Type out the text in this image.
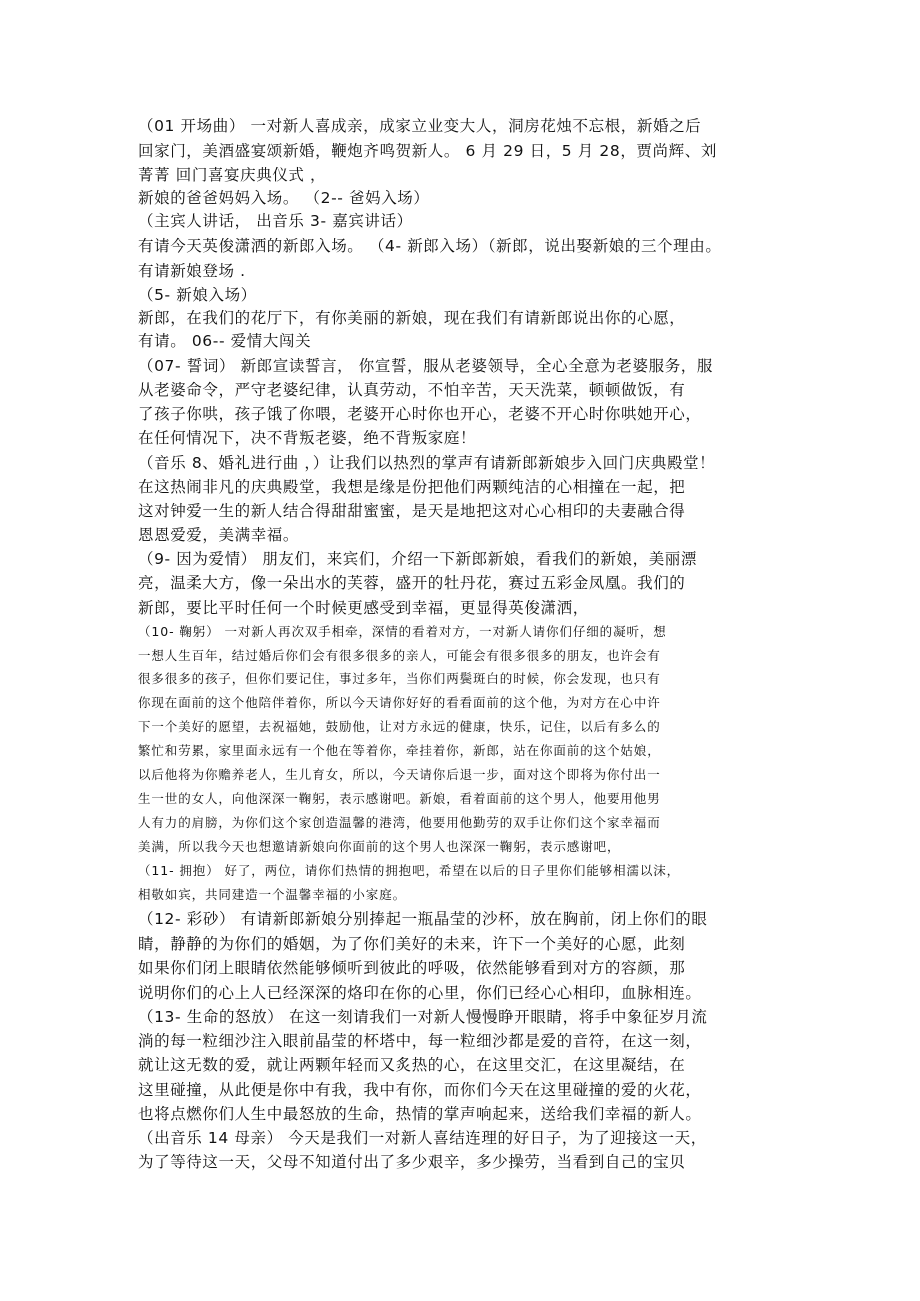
（01 开场曲） 一对新人喜成亲，成家立业变大人，洞房花烛不忘根，新婚之后
回家门，美酒盛宴颂新婚，鞭炮齐鸣贺新人。 6 月 29 日，5 月 28，贾尚辉、刘
菁菁 回门喜宴庆典仪式 ，
新娘的爸爸妈妈入场。 （2-- 爸妈入场）
（主宾人讲话， 出音乐 3- 嘉宾讲话）
有请今天英俊潇洒的新郎入场。 （4- 新郎入场）（新郎，说出娶新娘的三个理由。
有请新娘登场 .
（5- 新娘入场）
新郎，在我们的花厅下，有你美丽的新娘，现在我们有请新郎说出你的心愿，
有请。 06-- 爱情大闯关
（07- 誓词） 新郎宣读誓言， 你宣誓，服从老婆领导，全心全意为老婆服务，服
从老婆命令，严守老婆纪律，认真劳动，不怕辛苦，天天洗菜，顿顿做饭，有
了孩子你哄，孩子饿了你喂，老婆开心时你也开心，老婆不开心时你哄她开心，
在任何情况下，决不背叛老婆，绝不背叛家庭！
（音乐 8、婚礼进行曲 ，）让我们以热烈的掌声有请新郎新娘步入回门庆典殿堂！
在这热闹非凡的庆典殿堂，我想是缘是份把他们两颗纯洁的心相撞在一起，把
这对钟爱一生的新人结合得甜甜蜜蜜，是天是地把这对心心相印的夫妻融合得
恩恩爱爱，美满幸福。
（9- 因为爱情） 朋友们，来宾们，介绍一下新郎新娘，看我们的新娘，美丽漂
亮，温柔大方，像一朵出水的芙蓉，盛开的牡丹花，赛过五彩金凤凰。我们的
新郎，要比平时任何一个时候更感受到幸福，更显得英俊潇洒，
（10- 鞠躬） 一对新人再次双手相牵，深情的看着对方，一对新人请你们仔细的凝听，想
一想人生百年，结过婚后你们会有很多很多的亲人，可能会有很多很多的朋友，也许会有
很多很多的孩子，但你们要记住，事过多年，当你们两鬓斑白的时候，你会发现，也只有
你现在面前的这个他陪伴着你，所以今天请你好好的看看面前的这个他，为对方在心中许
下一个美好的愿望，去祝福她，鼓励他，让对方永远的健康，快乐，记住，以后有多么的
繁忙和劳累，家里面永远有一个他在等着你，牵挂着你，新郎，站在你面前的这个姑娘，
以后他将为你赡养老人，生儿育女，所以，今天请你后退一步，面对这个即将为你付出一
生一世的女人，向他深深一鞠躬，表示感谢吧。新娘，看着面前的这个男人，他要用他男
人有力的肩膀，为你们这个家创造温馨的港湾，他要用他勤劳的双手让你们这个家幸福而
美满，所以我今天也想邀请新娘向你面前的这个男人也深深一鞠躬，表示感谢吧，
（11- 拥抱） 好了，两位，请你们热情的拥抱吧，希望在以后的日子里你们能够相濡以沫，
相敬如宾，共同建造一个温馨幸福的小家庭。
（12- 彩砂） 有请新郎新娘分别捧起一瓶晶莹的沙杯，放在胸前，闭上你们的眼
睛，静静的为你们的婚姻，为了你们美好的未来，许下一个美好的心愿，此刻
如果你们闭上眼睛依然能够倾听到彼此的呼吸，依然能够看到对方的容颜，那
说明你们的心上人已经深深的烙印在你的心里，你们已经心心相印，血脉相连。
（13- 生命的怒放） 在这一刻请我们一对新人慢慢睁开眼睛，将手中象征岁月流
淌的每一粒细沙注入眼前晶莹的杯塔中，每一粒细沙都是爱的音符，在这一刻，
就让这无数的爱，就让两颗年轻而又炙热的心，在这里交汇，在这里凝结，在
这里碰撞，从此便是你中有我，我中有你，而你们今天在这里碰撞的爱的火花，
也将点燃你们人生中最怒放的生命，热情的掌声响起来，送给我们幸福的新人。
（出音乐 14 母亲） 今天是我们一对新人喜结连理的好日子，为了迎接这一天，
为了等待这一天，父母不知道付出了多少艰辛，多少操劳，当看到自己的宝贝
